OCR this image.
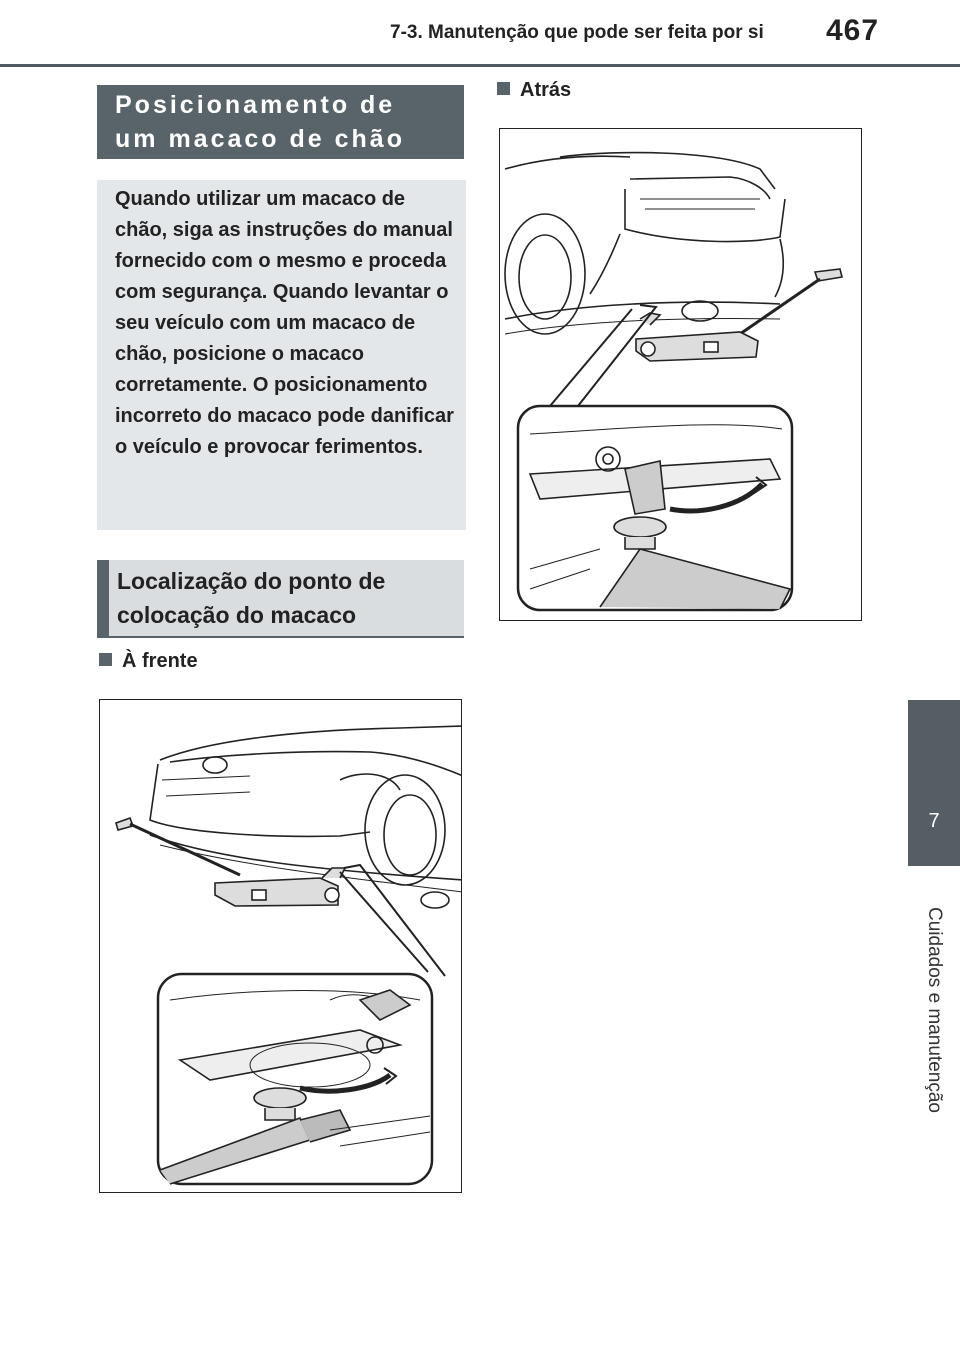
7-3. Manutenção que pode ser feita por si 467
7
Cuidados e manutenção
Posicionamento de um macaco de chão
Quando utilizar um macaco de chão, siga as instruções do manual fornecido com o mesmo e proceda com segurança. Quando levantar o seu veículo com um macaco de chão, posicione o macaco corretamente. O posicionamento incorreto do macaco pode danificar o veículo e provocar ferimentos.
Localização do ponto de colocação do macaco
À frente
Atrás
